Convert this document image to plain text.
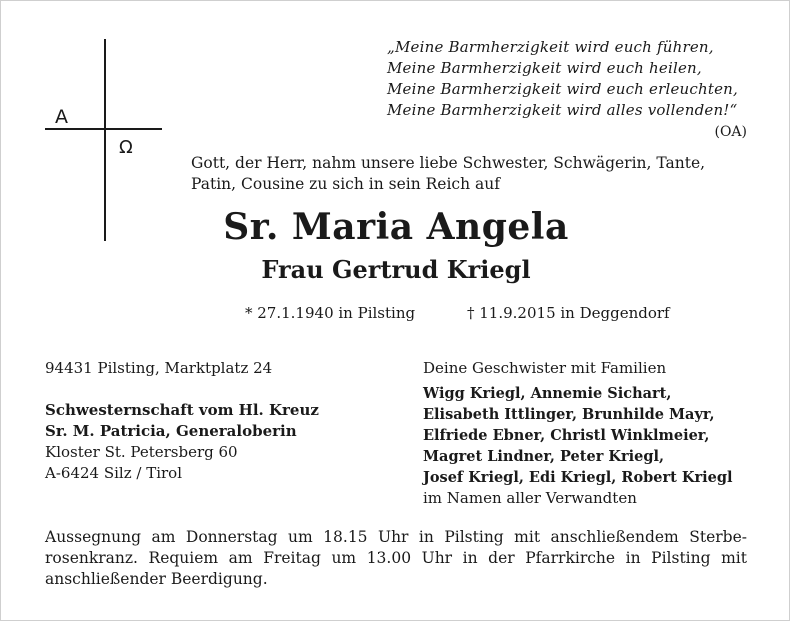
A
Ω
„Meine Barmherzigkeit wird euch führen,
Meine Barmherzigkeit wird euch heilen,
Meine Barmherzigkeit wird euch erleuchten,
Meine Barmherzigkeit wird alles vollenden!“
(OA)
Gott, der Herr, nahm unsere liebe Schwester, Schwägerin, Tante,
Patin, Cousine zu sich in sein Reich auf
Sr. Maria Angela
Frau Gertrud Kriegl
* 27.1.1940 in Pilsting	† 11.9.2015 in Deggendorf
94431 Pilsting, Marktplatz 24
Schwesternschaft vom Hl. Kreuz
Sr. M. Patricia, Generaloberin
Kloster St. Petersberg 60
A-6424 Silz / Tirol
Deine Geschwister mit Familien
Wigg Kriegl, Annemie Sichart,
Elisabeth Ittlinger, Brunhilde Mayr,
Elfriede Ebner, Christl Winklmeier,
Magret Lindner, Peter Kriegl,
Josef Kriegl, Edi Kriegl, Robert Kriegl
im Namen aller Verwandten
Aussegnung am Donnerstag um 18.15 Uhr in Pilsting mit anschließendem Sterbe-
rosenkranz. Requiem am Freitag um 13.00 Uhr in der Pfarrkirche in Pilsting mit
anschließender Beerdigung.
